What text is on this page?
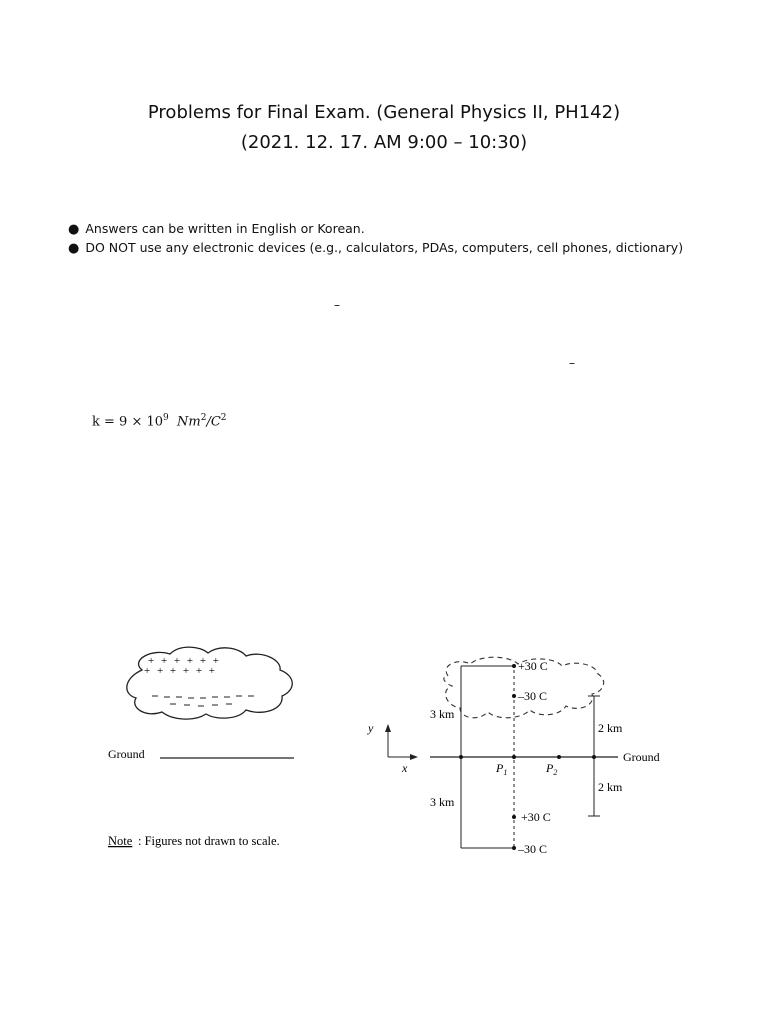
Problems for Final Exam. (General Physics II, PH142)
(2021. 12. 17. AM 9:00 – 10:30)
● Answers can be written in English or Korean.
● DO NOT use any electronic devices (e.g., calculators, PDAs, computers, cell phones, dictionary)
–
–
$k = 9 \times 10^9$ $Nm^2/C^2$
+ + + + + +
+ + + + + +
Ground
Note : Figures not drawn to scale.
Ground
y
x
3 km
3 km
2 km
2 km
+30 C
–30 C
+30 C
–30 C
$P_1$	$P_2$
